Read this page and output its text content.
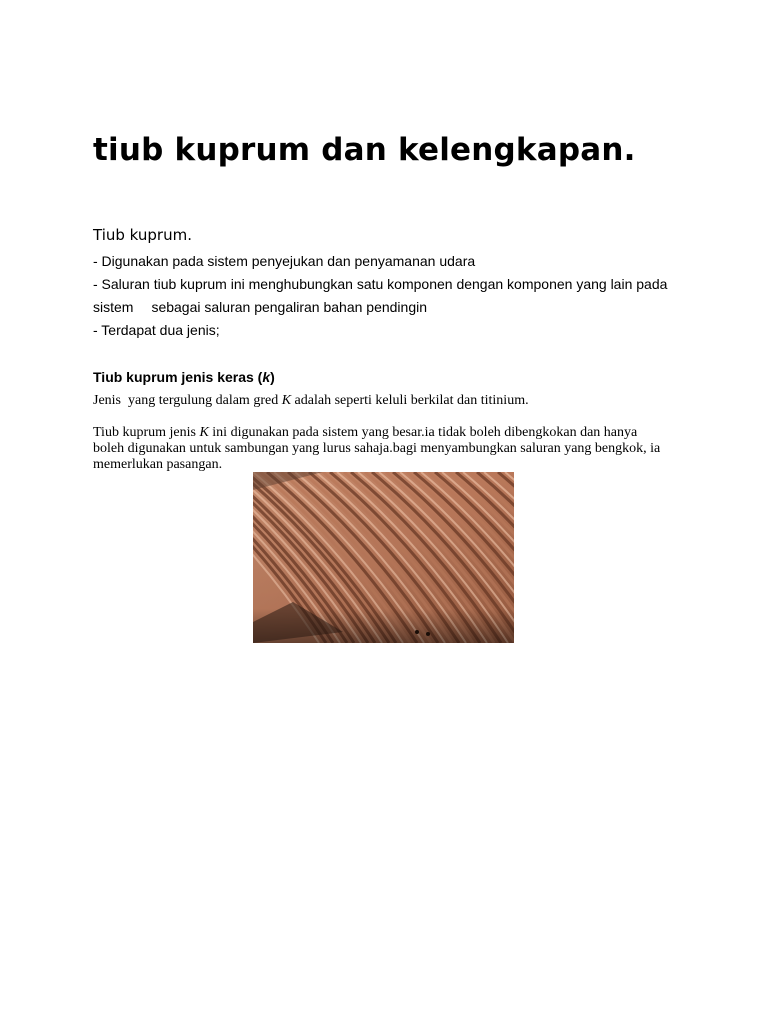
tiub kuprum dan kelengkapan.
Tiub kuprum.

- Digunakan pada sistem penyejukan dan penyamanan udara

- Saluran tiub kuprum ini menghubungkan satu komponen dengan komponen yang lain pada

sistem sebagai saluran pengaliran bahan pendingin

- Terdapat dua jenis;

Tiub kuprum jenis keras (k)

Jenis  yang tergulung dalam gred K adalah seperti keluli berkilat dan titinium.

Tiub kuprum jenis K ini digunakan pada sistem yang besar.ia tidak boleh dibengkokan dan hanya
boleh digunakan untuk sambungan yang lurus sahaja.bagi menyambungkan saluran yang bengkok, ia
memerlukan pasangan.
